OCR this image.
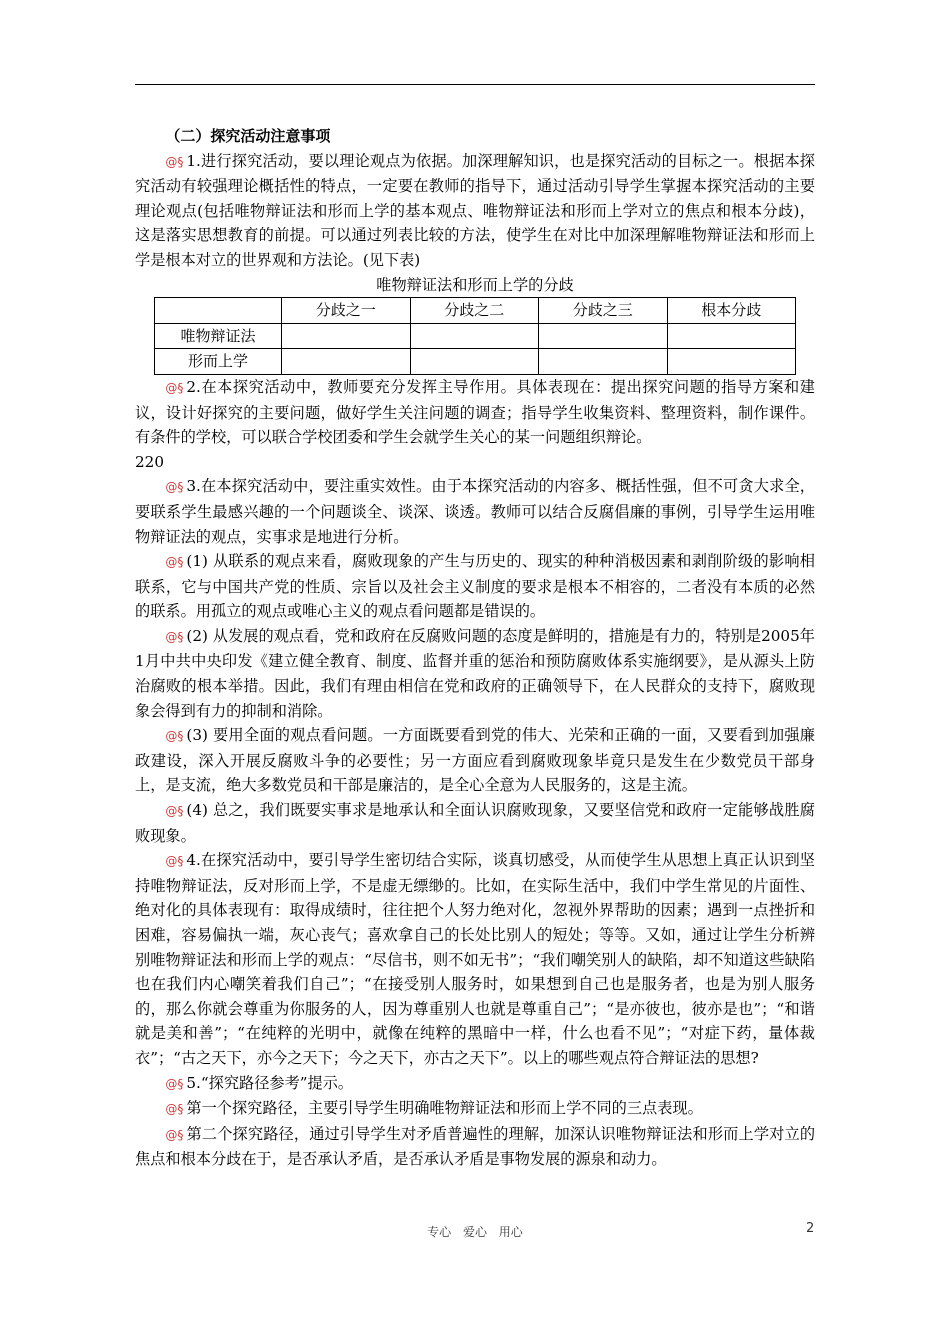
（二）探究活动注意事项

@§ 1.进行探究活动，要以理论观点为依据。加深理解知识，也是探究活动的目标之一。根据本探究活动有较强理论概括性的特点，一定要在教师的指导下，通过活动引导学生掌握本探究活动的主要理论观点(包括唯物辩证法和形而上学的基本观点、唯物辩证法和形而上学对立的焦点和根本分歧)，这是落实思想教育的前提。可以通过列表比较的方法，使学生在对比中加深理解唯物辩证法和形而上学是根本对立的世界观和方法论。(见下表)

唯物辩证法和形而上学的分歧

	分歧之一	分歧之二	分歧之三	根本分歧
唯物辩证法				
形而上学				

@§ 2.在本探究活动中，教师要充分发挥主导作用。具体表现在：提出探究问题的指导方案和建议，设计好探究的主要问题，做好学生关注问题的调查；指导学生收集资料、整理资料，制作课件。有条件的学校，可以联合学校团委和学生会就学生关心的某一问题组织辩论。

220

@§ 3.在本探究活动中，要注重实效性。由于本探究活动的内容多、概括性强，但不可贪大求全，要联系学生最感兴趣的一个问题谈全、谈深、谈透。教师可以结合反腐倡廉的事例，引导学生运用唯物辩证法的观点，实事求是地进行分析。

@§ (1) 从联系的观点来看，腐败现象的产生与历史的、现实的种种消极因素和剥削阶级的影响相联系，它与中国共产党的性质、宗旨以及社会主义制度的要求是根本不相容的，二者没有本质的必然的联系。用孤立的观点或唯心主义的观点看问题都是错误的。

@§ (2) 从发展的观点看，党和政府在反腐败问题的态度是鲜明的，措施是有力的，特别是2005年1月中共中央印发《建立健全教育、制度、监督并重的惩治和预防腐败体系实施纲要》，是从源头上防治腐败的根本举措。因此，我们有理由相信在党和政府的正确领导下，在人民群众的支持下，腐败现象会得到有力的抑制和消除。

@§ (3) 要用全面的观点看问题。一方面既要看到党的伟大、光荣和正确的一面，又要看到加强廉政建设，深入开展反腐败斗争的必要性；另一方面应看到腐败现象毕竟只是发生在少数党员干部身上，是支流，绝大多数党员和干部是廉洁的，是全心全意为人民服务的，这是主流。

@§ (4) 总之，我们既要实事求是地承认和全面认识腐败现象，又要坚信党和政府一定能够战胜腐败现象。

@§ 4.在探究活动中，要引导学生密切结合实际，谈真切感受，从而使学生从思想上真正认识到坚持唯物辩证法，反对形而上学，不是虚无缥缈的。比如，在实际生活中，我们中学生常见的片面性、绝对化的具体表现有：取得成绩时，往往把个人努力绝对化，忽视外界帮助的因素；遇到一点挫折和困难，容易偏执一端，灰心丧气；喜欢拿自己的长处比别人的短处；等等。又如，通过让学生分析辨别唯物辩证法和形而上学的观点：“尽信书，则不如无书”；“我们嘲笑别人的缺陷，却不知道这些缺陷也在我们内心嘲笑着我们自己”；“在接受别人服务时，如果想到自己也是服务者，也是为别人服务的，那么你就会尊重为你服务的人，因为尊重别人也就是尊重自己”；“是亦彼也，彼亦是也”；“和谐就是美和善”；“在纯粹的光明中，就像在纯粹的黑暗中一样，什么也看不见”；“对症下药，量体裁衣”；“古之天下，亦今之天下；今之天下，亦古之天下”。以上的哪些观点符合辩证法的思想?

@§ 5.“探究路径参考”提示。

@§ 第一个探究路径，主要引导学生明确唯物辩证法和形而上学不同的三点表现。

@§ 第二个探究路径，通过引导学生对矛盾普遍性的理解，加深认识唯物辩证法和形而上学对立的焦点和根本分歧在于，是否承认矛盾，是否承认矛盾是事物发展的源泉和动力。

专心 爱心 用心	2
